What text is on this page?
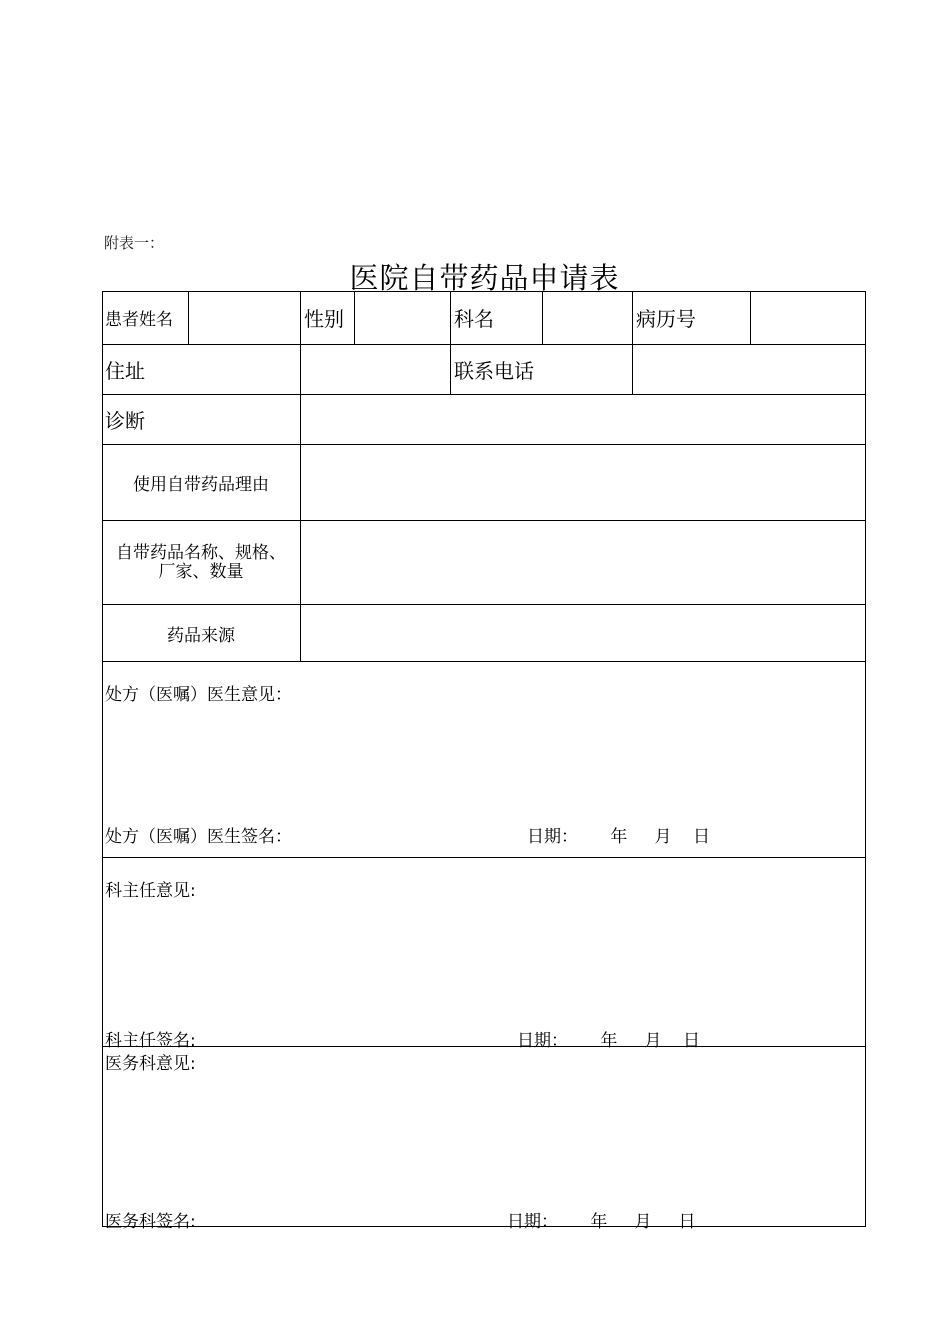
附表一：
医院自带药品申请表
患者姓名	性别	科名	病历号
住址	联系电话
诊断
使用自带药品理由
自带药品名称、规格、
厂家、数量
药品来源
处方（医嘱）医生意见：
处方（医嘱）医生签名：	日期：      年     月    日
科主任意见:
科主任签名:	日期：      年     月    日
医务科意见:
医务科签名:	日期：      年     月     日
